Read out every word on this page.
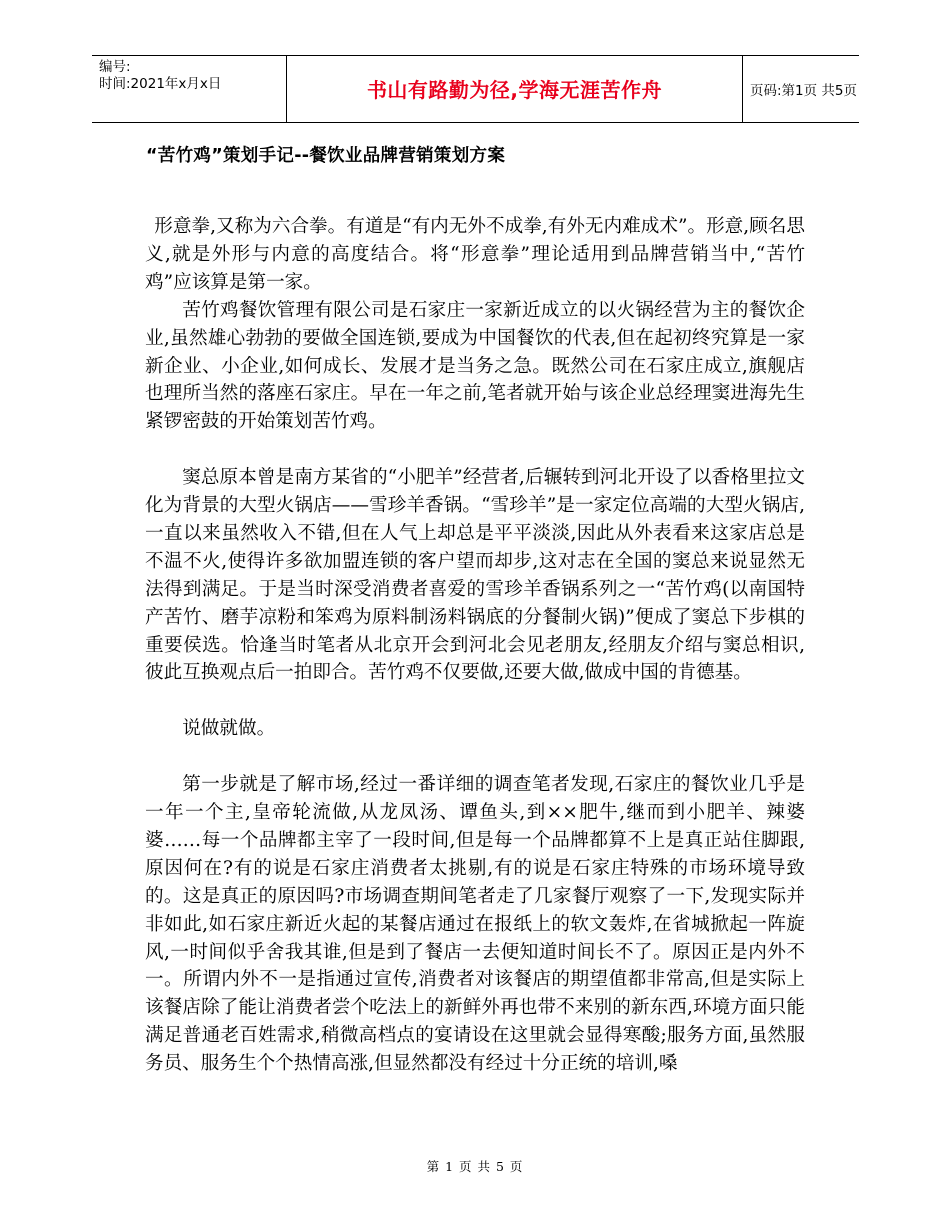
编号:
时间:2021年x月x日	书山有路勤为径,学海无涯苦作舟	页码:第1页 共5页
“苦竹鸡”策划手记--餐饮业品牌营销策划方案

形意拳,又称为六合拳。有道是“有内无外不成拳,有外无内难成术”。形意,顾名思义,就是外形与内意的高度结合。将“形意拳”理论适用到品牌营销当中,“苦竹鸡”应该算是第一家。

苦竹鸡餐饮管理有限公司是石家庄一家新近成立的以火锅经营为主的餐饮企业,虽然雄心勃勃的要做全国连锁,要成为中国餐饮的代表,但在起初终究算是一家新企业、小企业,如何成长、发展才是当务之急。既然公司在石家庄成立,旗舰店也理所当然的落座石家庄。早在一年之前,笔者就开始与该企业总经理窦进海先生紧锣密鼓的开始策划苦竹鸡。

窦总原本曾是南方某省的“小肥羊”经营者,后辗转到河北开设了以香格里拉文化为背景的大型火锅店——雪珍羊香锅。“雪珍羊”是一家定位高端的大型火锅店,一直以来虽然收入不错,但在人气上却总是平平淡淡,因此从外表看来这家店总是不温不火,使得许多欲加盟连锁的客户望而却步,这对志在全国的窦总来说显然无法得到满足。于是当时深受消费者喜爱的雪珍羊香锅系列之一“苦竹鸡(以南国特产苦竹、磨芋凉粉和笨鸡为原料制汤料锅底的分餐制火锅)”便成了窦总下步棋的重要侯选。恰逢当时笔者从北京开会到河北会见老朋友,经朋友介绍与窦总相识,彼此互换观点后一拍即合。苦竹鸡不仅要做,还要大做,做成中国的肯德基。

说做就做。

第一步就是了解市场,经过一番详细的调查笔者发现,石家庄的餐饮业几乎是一年一个主,皇帝轮流做,从龙凤汤、谭鱼头,到××肥牛,继而到小肥羊、辣婆婆……每一个品牌都主宰了一段时间,但是每一个品牌都算不上是真正站住脚跟,原因何在?有的说是石家庄消费者太挑剔,有的说是石家庄特殊的市场环境导致的。这是真正的原因吗?市场调查期间笔者走了几家餐厅观察了一下,发现实际并非如此,如石家庄新近火起的某餐店通过在报纸上的软文轰炸,在省城掀起一阵旋风,一时间似乎舍我其谁,但是到了餐店一去便知道时间长不了。原因正是内外不一。所谓内外不一是指通过宣传,消费者对该餐店的期望值都非常高,但是实际上该餐店除了能让消费者尝个吃法上的新鲜外再也带不来别的新东西,环境方面只能满足普通老百姓需求,稍微高档点的宴请设在这里就会显得寒酸;服务方面,虽然服务员、服务生个个热情高涨,但显然都没有经过十分正统的培训,嗓

第 1 页 共 5 页
